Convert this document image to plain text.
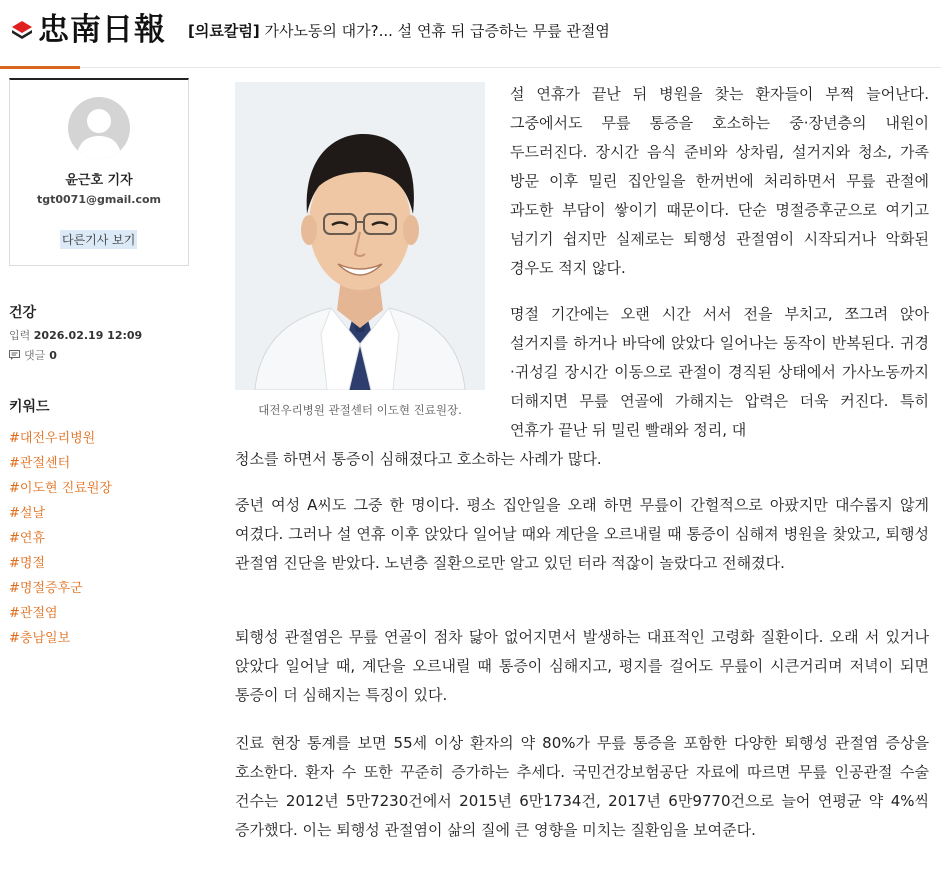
忠南日報 [의료칼럼] 가사노동의 대가?... 설 연휴 뒤 급증하는 무릎 관절염
윤근호 기자
tgt0071@gmail.com
다른기사 보기
건강
입력 2026.02.19 12:09
댓글 0
키워드
#대전우리병원
#관절센터
#이도현 진료원장
#설날
#연휴
#명절
#명절증후군
#관절염
#충남일보
대전우리병원 관절센터 이도현 진료원장.

설 연휴가 끝난 뒤 병원을 찾는 환자들이 부쩍 늘어난다. 그중에서도 무릎 통증을 호소하는 중·장년층의 내원이 두드러진다. 장시간 음식 준비와 상차림, 설거지와 청소, 가족 방문 이후 밀린 집안일을 한꺼번에 처리하면서 무릎 관절에 과도한 부담이 쌓이기 때문이다. 단순 명절증후군으로 여기고 넘기기 쉽지만 실제로는 퇴행성 관절염이 시작되거나 악화된 경우도 적지 않다.

명절 기간에는 오랜 시간 서서 전을 부치고, 쪼그려 앉아 설거지를 하거나 바닥에 앉았다 일어나는 동작이 반복된다. 귀경·귀성길 장시간 이동으로 관절이 경직된 상태에서 가사노동까지 더해지면 무릎 연골에 가해지는 압력은 더욱 커진다. 특히 연휴가 끝난 뒤 밀린 빨래와 정리, 대

청소를 하면서 통증이 심해졌다고 호소하는 사례가 많다.

중년 여성 A씨도 그중 한 명이다. 평소 집안일을 오래 하면 무릎이 간헐적으로 아팠지만 대수롭지 않게 여겼다. 그러나 설 연휴 이후 앉았다 일어날 때와 계단을 오르내릴 때 통증이 심해져 병원을 찾았고, 퇴행성 관절염 진단을 받았다. 노년층 질환으로만 알고 있던 터라 적잖이 놀랐다고 전해졌다.

퇴행성 관절염은 무릎 연골이 점차 닳아 없어지면서 발생하는 대표적인 고령화 질환이다. 오래 서 있거나 앉았다 일어날 때, 계단을 오르내릴 때 통증이 심해지고, 평지를 걸어도 무릎이 시큰거리며 저녁이 되면 통증이 더 심해지는 특징이 있다.

진료 현장 통계를 보면 55세 이상 환자의 약 80%가 무릎 통증을 포함한 다양한 퇴행성 관절염 증상을 호소한다. 환자 수 또한 꾸준히 증가하는 추세다. 국민건강보험공단 자료에 따르면 무릎 인공관절 수술 건수는 2012년 5만7230건에서 2015년 6만1734건, 2017년 6만9770건으로 늘어 연평균 약 4%씩 증가했다. 이는 퇴행성 관절염이 삶의 질에 큰 영향을 미치는 질환임을 보여준다.
